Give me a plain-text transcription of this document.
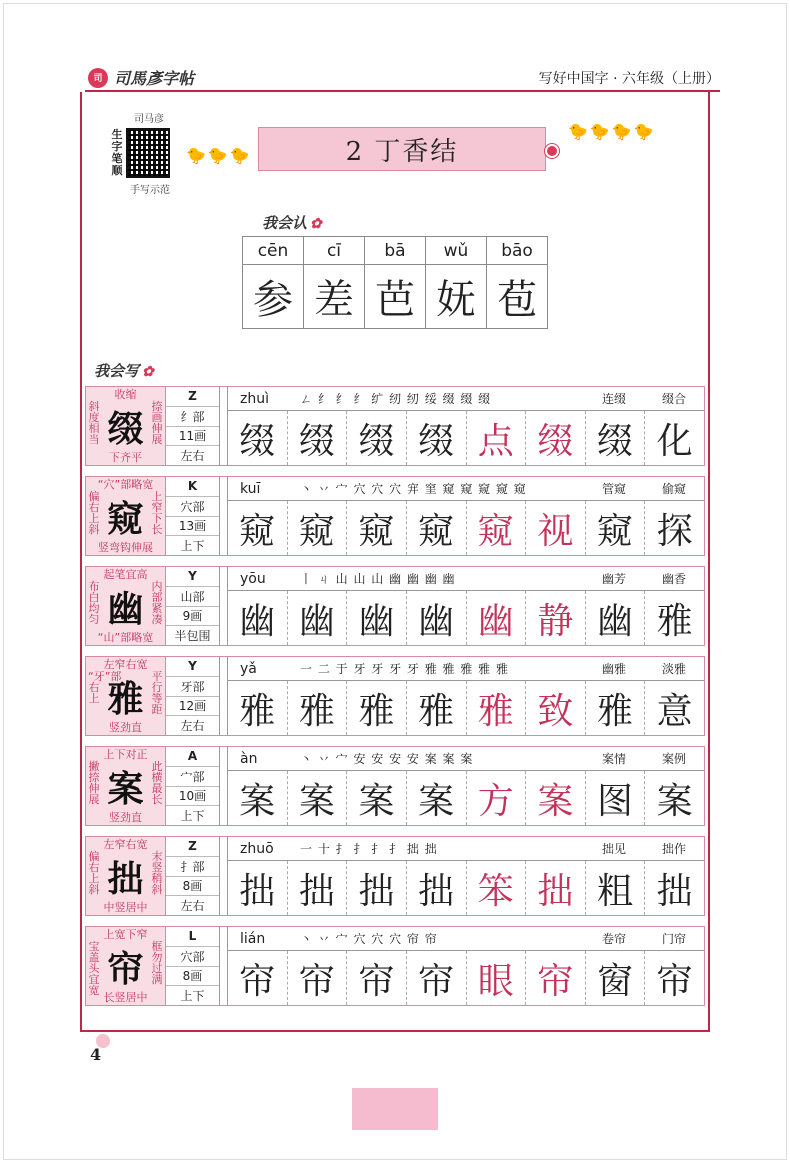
司 司馬彥字帖	写好中国字 · 六年级（上册）
司马彦
生字笔顺
手写示范
2 丁香结
🐤🐤🐤
🐤🐤🐤🐤
我会认 ✿
cēn	cī	bā	wǔ	bāo
参	差	芭	妩	苞
我会写 ✿
收缩
斜度相当 缀
捺画伸展
下齐平
Z
纟部
11画
左右
zhuì	ㄥ 纟 纟 纟 纩 纫 纫 绥 缀 缀 缀	连缀	缀合
缀 缀 缀 缀 点 缀 缀 化
“穴”部略宽
偏右上斜 窥
上窄下长
竖弯钩伸展
K
穴部
13画
上下
kuī	丶 丷 宀 穴 穴 穴 宑 窐 窥 窥 窥 窥 窥	管窥	偷窥
窥 窥 窥 窥 窥 视 窥 探
起笔宜高
布白均匀 幽
内部紧凑
“山”部略宽
Y
山部
9画
半包围
yōu	丨 ㄐ 山 山 山 幽 幽 幽 幽	幽芳	幽香
幽 幽 幽 幽 幽 静 幽 雅
左窄右宽
“牙”部右上 雅
平行等距
竖劲直
Y
牙部
12画
左右
yǎ	一 二 于 牙 牙 牙 牙 雅 雅 雅 雅 雅	幽雅	淡雅
雅 雅 雅 雅 雅 致 雅 意
上下对正
撇捺伸展 案
此横最长
竖劲直
A
宀部
10画
上下
àn	丶 丷 宀 安 安 安 安 案 案 案	案情	案例
案 案 案 案 方 案 图 案
左窄右宽
偏右上斜 拙
末竖稍斜
中竖居中
Z
扌部
8画
左右
zhuō	一 十 扌 扌 扌 扌 拙 拙	拙见	拙作
拙 拙 拙 拙 笨 拙 粗 拙
上宽下窄
宝盖头宜宽
帘
框勿过满
长竖居中
L
穴部
8画
上下
lián	丶 丷 宀 穴 穴 穴 帘 帘	卷帘	门帘
帘 帘 帘 帘 眼 帘 窗 帘
4
